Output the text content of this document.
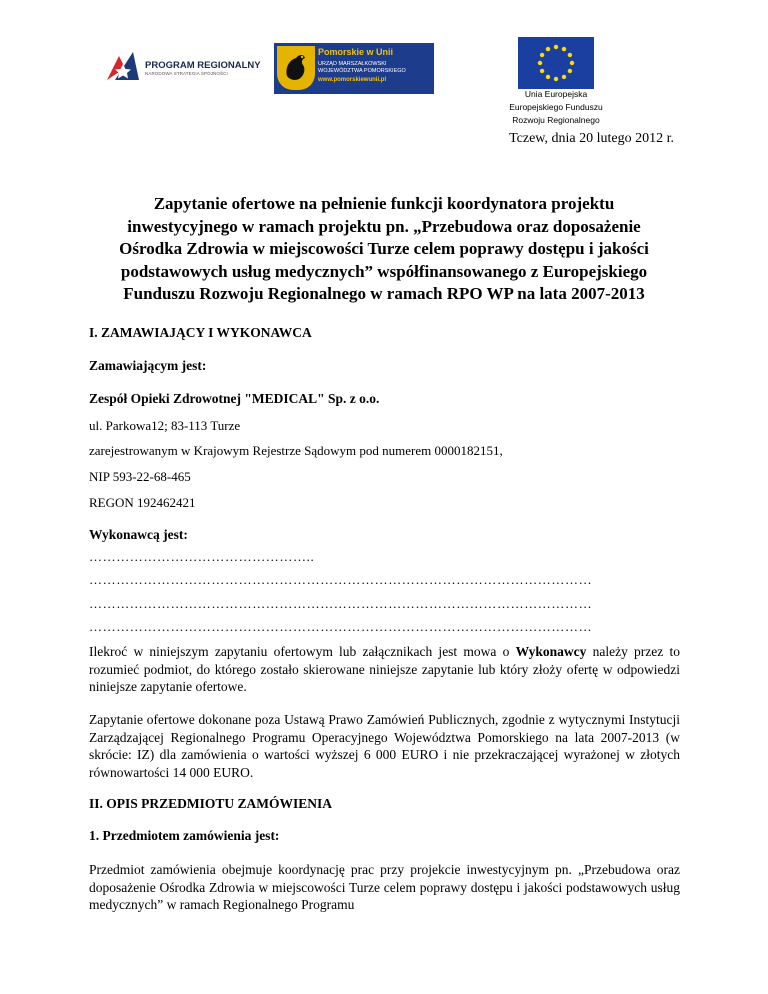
PROGRAM REGIONALNY
NARODOWA STRATEGIA SPÓJNOŚCI
Pomorskie w Unii
URZĄD MARSZAŁKOWSKI
WOJEWÓDZTWA POMORSKIEGO
www.pomorskiewunii.pl
Unia Europejska
Europejskiego Funduszu
Rozwoju Regionalnego
Tczew, dnia 20 lutego 2012 r.
Zapytanie ofertowe na pełnienie funkcji koordynatora projektu
inwestycyjnego w ramach projektu pn. „Przebudowa oraz doposażenie
Ośrodka Zdrowia w miejscowości Turze celem poprawy dostępu i jakości
podstawowych usług medycznych” współfinansowanego z Europejskiego
Funduszu Rozwoju Regionalnego w ramach RPO WP na lata 2007-2013
I. ZAMAWIAJĄCY I WYKONAWCA
Zamawiającym jest:
Zespół Opieki Zdrowotnej "MEDICAL" Sp. z o.o.
ul. Parkowa12; 83-113 Turze
zarejestrowanym w Krajowym Rejestrze Sądowym pod numerem 0000182151,
NIP 593-22-68-465
REGON 192462421
Wykonawcą jest:
…………………………………………..
…………………………………………………………………………………………………
…………………………………………………………………………………………………
…………………………………………………………………………………………………
Ilekroć w niniejszym zapytaniu ofertowym lub załącznikach jest mowa o Wykonawcy należy przez to rozumieć podmiot, do którego zostało skierowane niniejsze zapytanie lub który złoży ofertę w odpowiedzi niniejsze zapytanie ofertowe.
Zapytanie ofertowe dokonane poza Ustawą Prawo Zamówień Publicznych, zgodnie z wytycznymi Instytucji Zarządzającej Regionalnego Programu Operacyjnego Województwa Pomorskiego na lata 2007-2013 (w skrócie: IZ) dla zamówienia o wartości wyższej 6 000 EURO i nie przekraczającej wyrażonej w złotych równowartości 14 000 EURO.
II. OPIS PRZEDMIOTU ZAMÓWIENIA
1. Przedmiotem zamówienia jest:
Przedmiot zamówienia obejmuje koordynację prac przy projekcie inwestycyjnym pn. „Przebudowa oraz doposażenie Ośrodka Zdrowia w miejscowości Turze celem poprawy dostępu i jakości podstawowych usług medycznych” w ramach Regionalnego Programu
